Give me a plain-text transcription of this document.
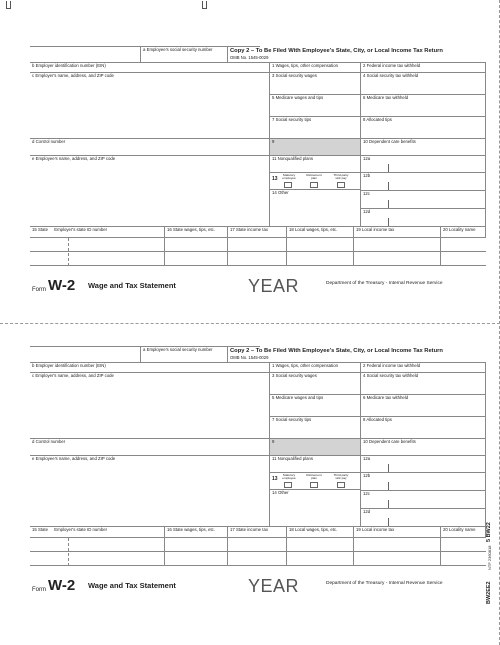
a Employee's social security number	Copy 2 – To Be Filed With Employee's State, City, or Local Income Tax Return
OMB No. 1545-0029
b Employer identification number (EIN)	1 Wages, tips, other compensation	2 Federal income tax withheld
c Employer's name, address, and ZIP code	3 Social security wages	4 Social security tax withheld
5 Medicare wages and tips	6 Medicare tax withheld
7 Social security tips	8 Allocated tips
d Control number	9	10 Dependent care benefits
e Employee's name, address, and ZIP code	11 Nonqualified plans	12a
13
Statutory employee
Retirement plan
Third-party sick pay
12b
14 Other	12c
12d
15 State Employer's state ID number	16 State wages, tips, etc.	17 State income tax	18 Local wages, tips, etc.	19 Local income tax	20 Locality name
Form W-2 Wage and Tax Statement	YEAR	Department of the Treasury - Internal Revenue Service
a Employee's social security number	Copy 2 – To Be Filed With Employee's State, City, or Local Income Tax Return
OMB No. 1545-0029
b Employer identification number (EIN)	1 Wages, tips, other compensation	2 Federal income tax withheld
c Employer's name, address, and ZIP code	3 Social security wages	4 Social security tax withheld
5 Medicare wages and tips	6 Medicare tax withheld
7 Social security tips	8 Allocated tips
d Control number	9	10 Dependent care benefits
e Employee's name, address, and ZIP code	11 Nonqualified plans	12a
13
Statutory employee
Retirement plan
Third-party sick pay
12b
14 Other	12c
12d
15 State Employer's state ID number	16 State wages, tips, etc.	17 State income tax	18 Local wages, tips, etc.	19 Local income tax	20 Locality name
Form W-2 Wage and Tax Statement	YEAR	Department of the Treasury - Internal Revenue Service
5 BW22
NTF 2360818
BW2EE2
